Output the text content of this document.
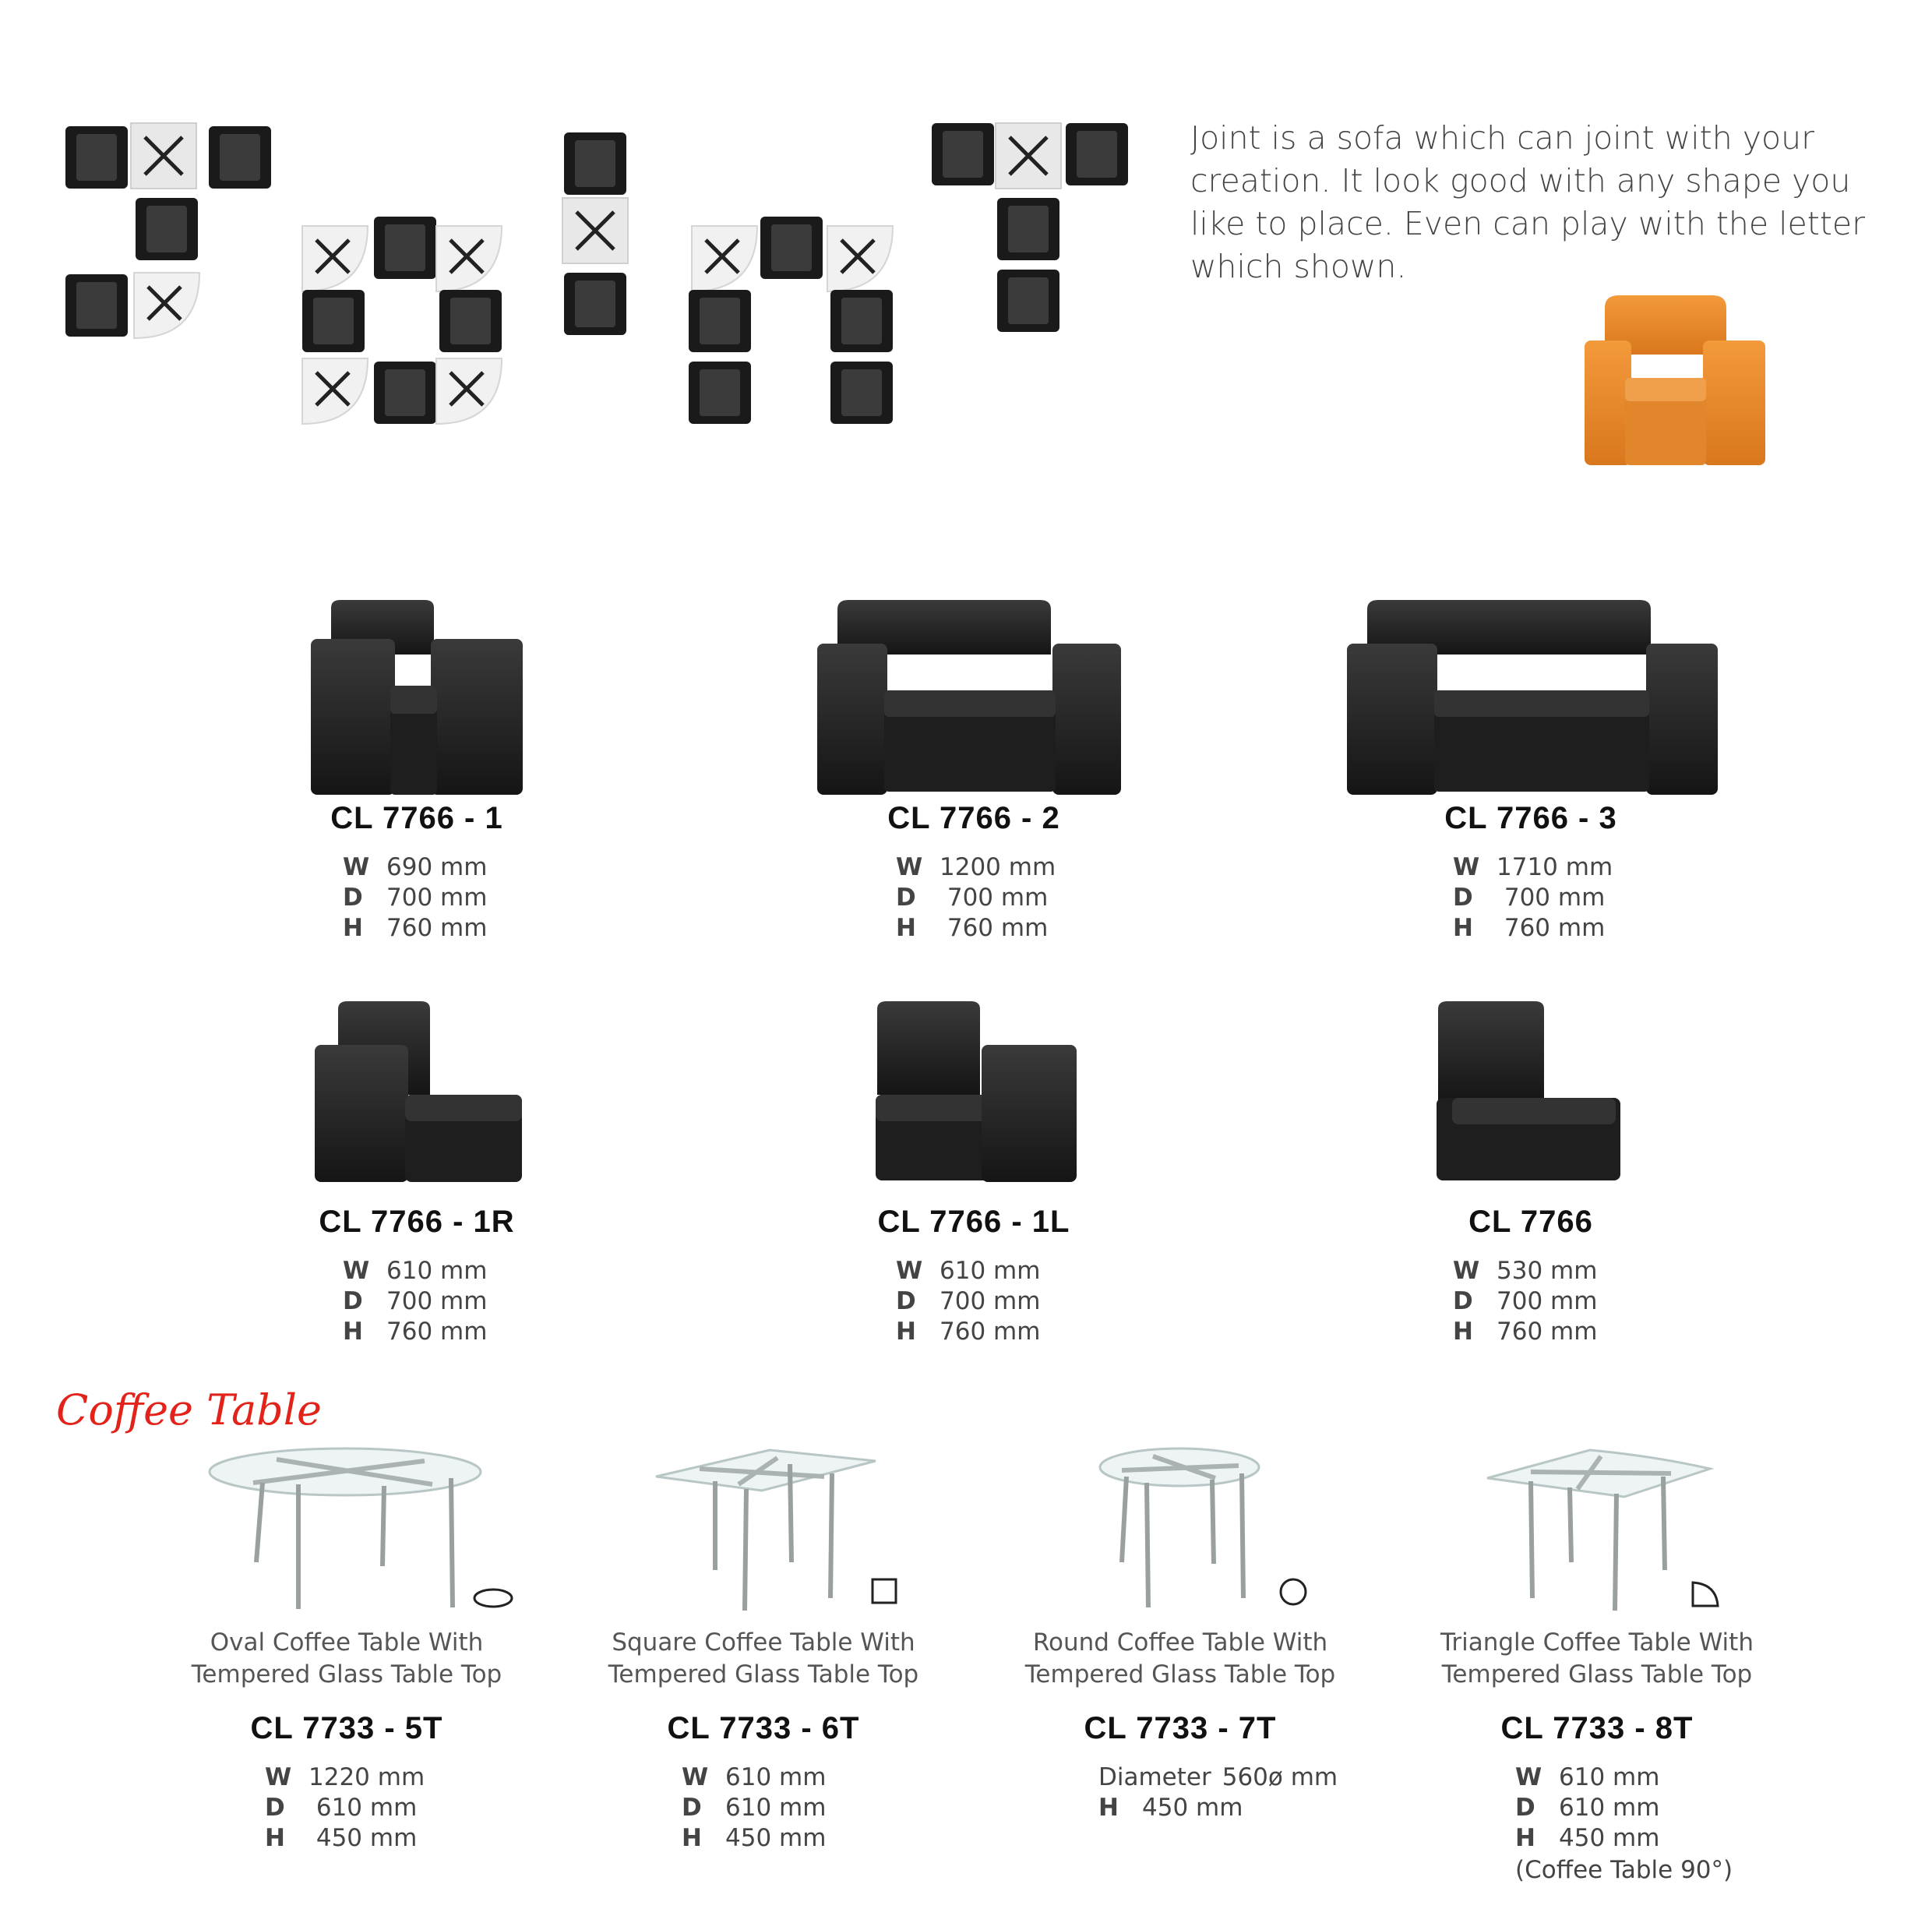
Joint is a sofa which can joint with your
creation. It look good with any shape you
like to place. Even can play with the letter
which shown.
CL 7766 - 1
W 690 mm
D 700 mm
H 760 mm
CL 7766 - 2
W 1200 mm
D 700 mm
H 760 mm
CL 7766 - 3
W 1710 mm
D 700 mm
H 760 mm
CL 7766 - 1R
W 610 mm
D 700 mm
H 760 mm
CL 7766 - 1L
W 610 mm
D 700 mm
H 760 mm
CL 7766
W 530 mm
D 700 mm
H 760 mm
Coffee Table
Oval Coffee Table With
Tempered Glass Table Top
Square Coffee Table With
Tempered Glass Table Top
Round Coffee Table With
Tempered Glass Table Top
Triangle Coffee Table With
Tempered Glass Table Top
CL 7733 - 5T	CL 7733 - 6T	CL 7733 - 7T	CL 7733 - 8T
W 1220 mm
D 610 mm
H 450 mm
W 610 mm
D 610 mm
H 450 mm
Diameter 560ø mm
H 450 mm
W 610 mm
D 610 mm
H 450 mm
(Coffee Table 90°)
